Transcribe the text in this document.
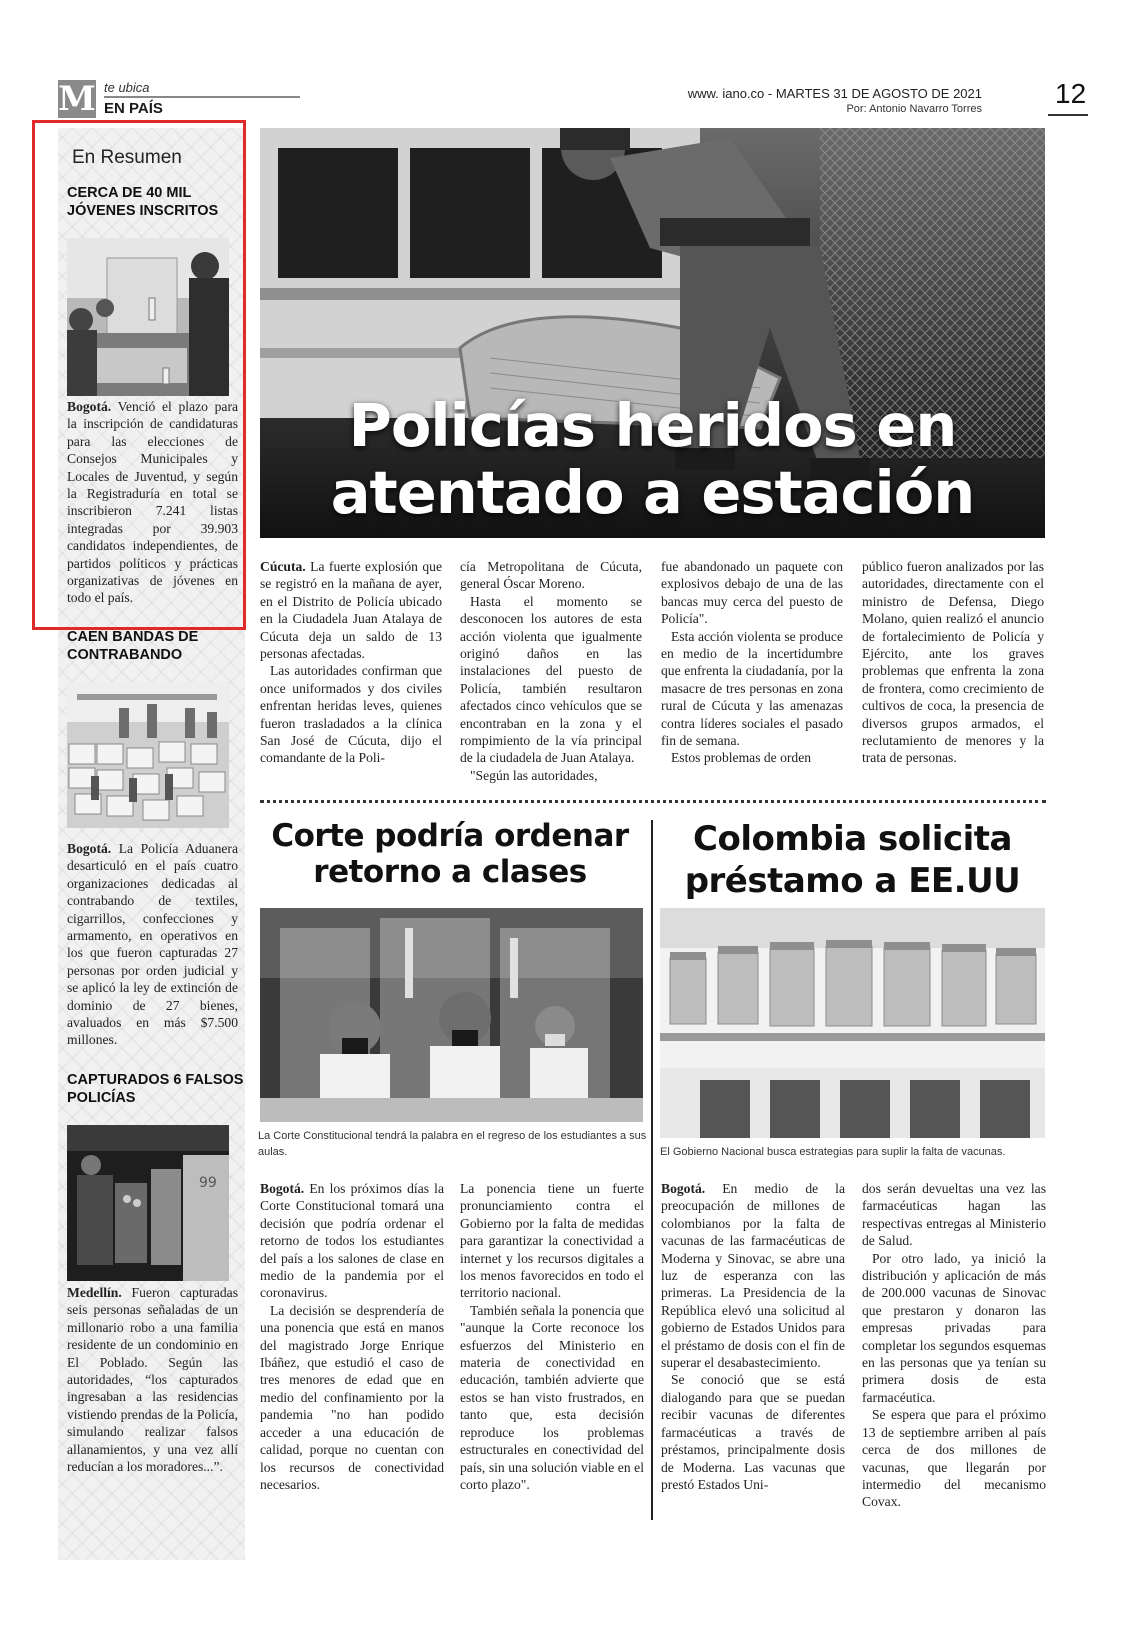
M te ubica
EN PAÍS
www. iano.co - MARTES 31 DE AGOSTO DE 2021
Por: Antonio Navarro Torres	12
En Resumen
CERCA DE 40 MIL JÓVENES INSCRITOS

Bogotá. Venció el plazo para la inscripción de candidaturas para las elecciones de Consejos Municipales y Locales de Juventud, y según la Registraduría en total se inscribieron 7.241 listas integradas por 39.903 candidatos independientes, de partidos políticos y prácticas organizativas de jóvenes en todo el país.

CAEN BANDAS DE CONTRABANDO

Bogotá. La Policía Aduanera desarticuló en el país cuatro organizaciones dedicadas al contrabando de textiles, cigarrillos, confecciones y armamento, en operativos en los que fueron capturadas 27 personas por orden judicial y se aplicó la ley de extinción de dominio de 27 bienes, avaluados en más $7.500 millones.

CAPTURADOS 6 FALSOS POLICÍAS
99

Medellín. Fueron capturadas seis personas señaladas de un millonario robo a una familia residente de un condominio en El Poblado. Según las autoridades, “los capturados ingresaban a las residencias vistiendo prendas de la Policía, simulando realizar falsos allanamientos, y una vez allí reducían a los moradores...”.

Policías heridos en
atentado a estación

Cúcuta. La fuerte explosión que se registró en la mañana de ayer, en el Distrito de Policía ubicado en la Ciudadela Juan Atalaya de Cúcuta deja un saldo de 13 personas afectadas.

Las autoridades confirman que once uniformados y dos civiles enfrentan heridas leves, quienes fueron trasladados a la clínica San José de Cúcuta, dijo el comandante de la Poli-

cía Metropolitana de Cúcuta, general Óscar Moreno.

Hasta el momento se desconocen los autores de esta acción violenta que igualmente originó daños en las instalaciones del puesto de Policía, también resultaron afectados cinco vehículos que se encontraban en la zona y el rompimiento de la vía principal de la ciudadela de Juan Atalaya.

"Según las autoridades,

fue abandonado un paquete con explosivos debajo de una de las bancas muy cerca del puesto de Policía".

Esta acción violenta se produce en medio de la incertidumbre que enfrenta la ciudadanía, por la masacre de tres personas en zona rural de Cúcuta y las amenazas contra líderes sociales el pasado fin de semana.

Estos problemas de orden

público fueron analizados por las autoridades, directamente con el ministro de Defensa, Diego Molano, quien realizó el anuncio de fortalecimiento de Policía y Ejército, ante los graves problemas que enfrenta la zona de frontera, como crecimiento de cultivos de coca, la presencia de diversos grupos armados, el reclutamiento de menores y la trata de personas.

Corte podría ordenar
retorno a clases
La Corte Constitucional tendrá la palabra en el regreso de los estudiantes a sus aulas.

Bogotá. En los próximos días la Corte Constitucional tomará una decisión que podría ordenar el retorno de todos los estudiantes del país a los salones de clase en medio de la pandemia por el coronavirus.

La decisión se desprendería de una ponencia que está en manos del magistrado Jorge Enrique Ibáñez, que estudió el caso de tres menores de edad que en medio del confinamiento por la pandemia "no han podido acceder a una educación de calidad, porque no cuentan con los recursos de conectividad necesarios.

La ponencia tiene un fuerte pronunciamiento contra el Gobierno por la falta de medidas para garantizar la conectividad a internet y los recursos digitales a los menos favorecidos en todo el territorio nacional.

También señala la ponencia que "aunque la Corte reconoce los esfuerzos del Ministerio en materia de conectividad en educación, también advierte que estos se han visto frustrados, en tanto que, esta decisión reproduce los problemas estructurales en conectividad del país, sin una solución viable en el corto plazo".

Colombia solicita
préstamo a EE.UU
El Gobierno Nacional busca estrategias para suplir la falta de vacunas.

Bogotá. En medio de la preocupación de millones de colombianos por la falta de vacunas de las farmacéuticas de Moderna y Sinovac, se abre una luz de esperanza con las primeras. La Presidencia de la República elevó una solicitud al gobierno de Estados Unidos para el préstamo de dosis con el fin de superar el desabastecimiento.

Se conoció que se está dialogando para que se puedan recibir vacunas de diferentes farmacéuticas a través de préstamos, principalmente dosis de Moderna. Las vacunas que prestó Estados Uni-

dos serán devueltas una vez las farmacéuticas hagan las respectivas entregas al Ministerio de Salud.

Por otro lado, ya inició la distribución y aplicación de más de 200.000 vacunas de Sinovac que prestaron y donaron las empresas privadas para completar los segundos esquemas en las personas que ya tenían su primera dosis de esta farmacéutica.

Se espera que para el próximo 13 de septiembre arriben al país cerca de dos millones de vacunas, que llegarán por intermedio del mecanismo Covax.
